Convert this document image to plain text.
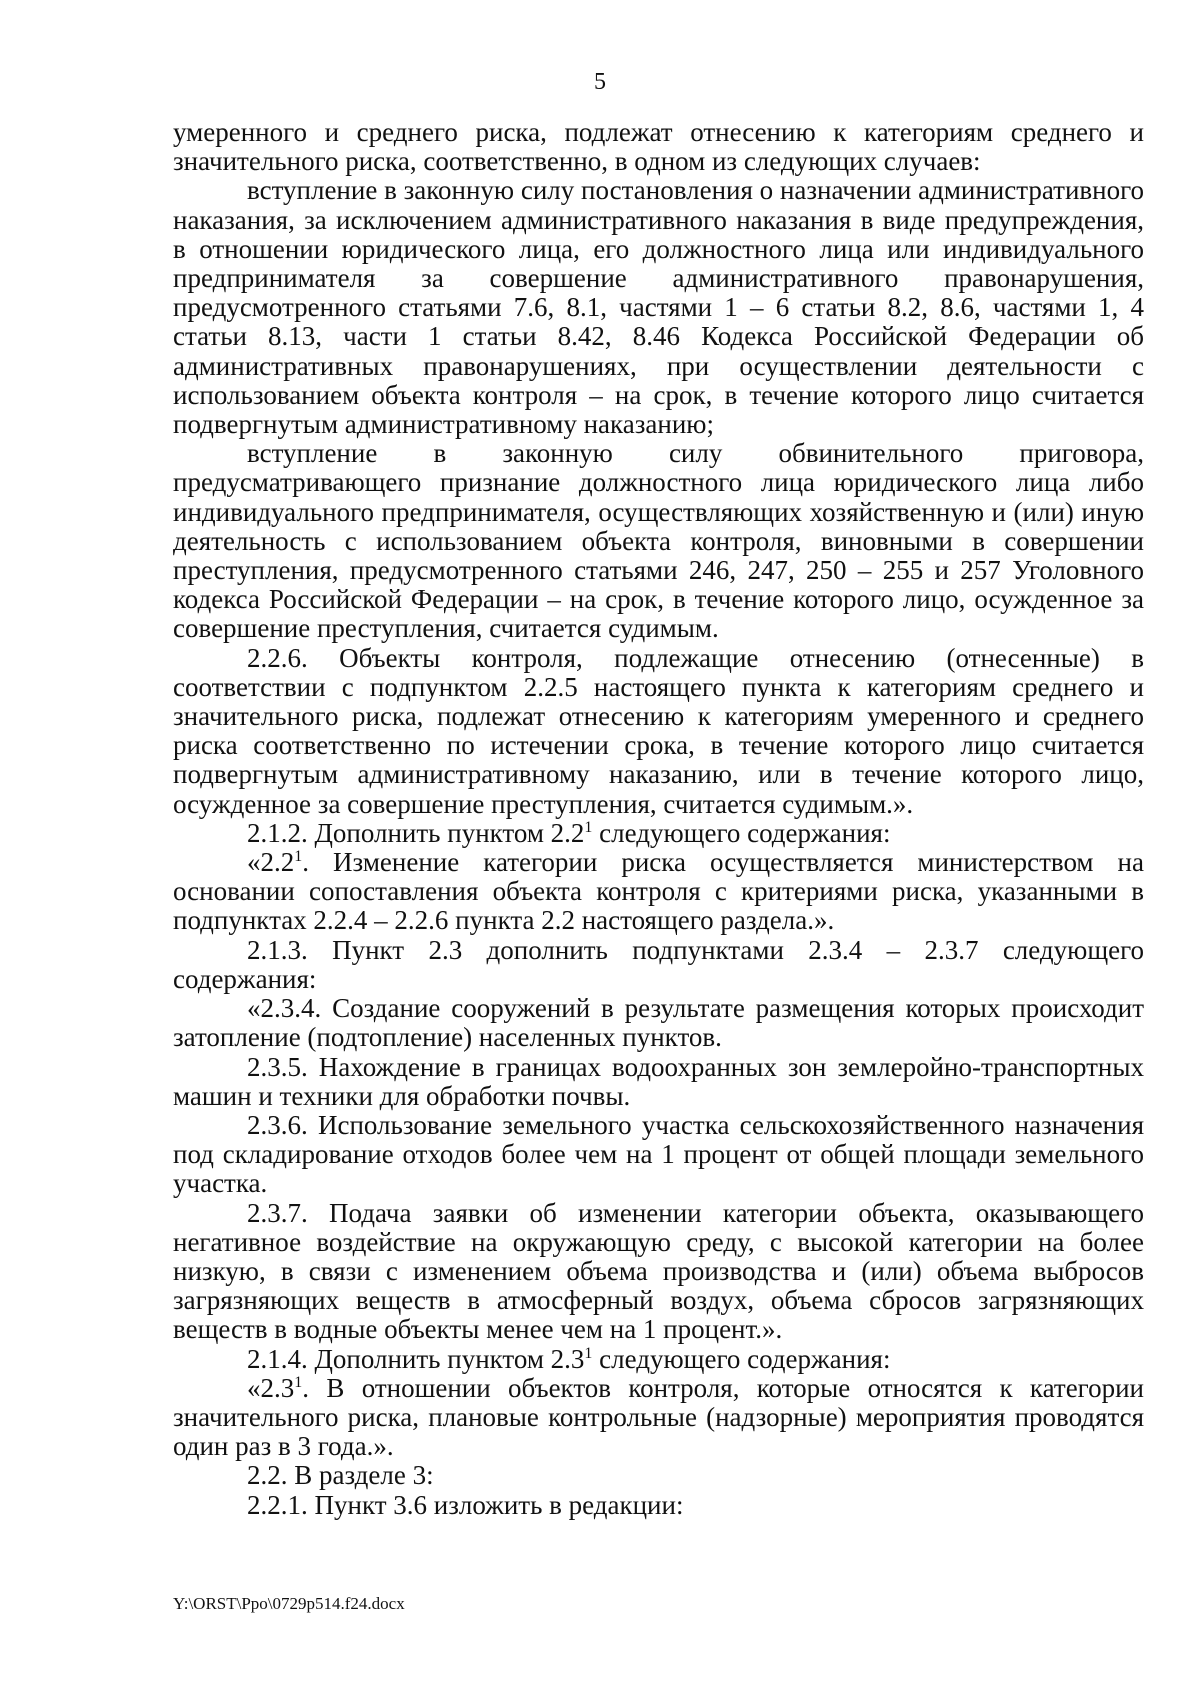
5

умеренного и среднего риска, подлежат отнесению к категориям среднего и значительного риска, соответственно, в одном из следующих случаев:

вступление в законную силу постановления о назначении административного наказания, за исключением административного наказания в виде предупреждения, в отношении юридического лица, его должностного лица или индивидуального предпринимателя за совершение административного правонарушения, предусмотренного статьями 7.6, 8.1, частями 1 – 6 статьи 8.2, 8.6, частями 1, 4 статьи 8.13, части 1 статьи 8.42, 8.46 Кодекса Российской Федерации об административных правонарушениях, при осуществлении деятельности с использованием объекта контроля – на срок, в течение которого лицо считается подвергнутым административному наказанию;

вступление в законную силу обвинительного приговора, предусматривающего признание должностного лица юридического лица либо индивидуального предпринимателя, осуществляющих хозяйственную и (или) иную деятельность с использованием объекта контроля, виновными в совершении преступления, предусмотренного статьями 246, 247, 250 – 255 и 257 Уголовного кодекса Российской Федерации – на срок, в течение которого лицо, осужденное за совершение преступления, считается судимым.

2.2.6. Объекты контроля, подлежащие отнесению (отнесенные) в соответствии с подпунктом 2.2.5 настоящего пункта к категориям среднего и значительного риска, подлежат отнесению к категориям умеренного и среднего риска соответственно по истечении срока, в течение которого лицо считается подвергнутым административному наказанию, или в течение которого лицо, осужденное за совершение преступления, считается судимым.».

2.1.2. Дополнить пунктом $2.2^1$ следующего содержания:

«$2.2^1$. Изменение категории риска осуществляется министерством на основании сопоставления объекта контроля с критериями риска, указанными в подпунктах 2.2.4 – 2.2.6 пункта 2.2 настоящего раздела.».

2.1.3. Пункт 2.3 дополнить подпунктами 2.3.4 – 2.3.7 следующего содержания:

«2.3.4. Создание сооружений в результате размещения которых происходит затопление (подтопление) населенных пунктов.

2.3.5. Нахождение в границах водоохранных зон землеройно-транспортных машин и техники для обработки почвы.

2.3.6. Использование земельного участка сельскохозяйственного назначения под складирование отходов более чем на 1 процент от общей площади земельного участка.

2.3.7. Подача заявки об изменении категории объекта, оказывающего негативное воздействие на окружающую среду, с высокой категории на более низкую, в связи с изменением объема производства и (или) объема выбросов загрязняющих веществ в атмосферный воздух, объема сбросов загрязняющих веществ в водные объекты менее чем на 1 процент.».

2.1.4. Дополнить пунктом $2.3^1$ следующего содержания:

«$2.3^1$. В отношении объектов контроля, которые относятся к категории значительного риска, плановые контрольные (надзорные) мероприятия проводятся один раз в 3 года.».

2.2. В разделе 3:

2.2.1. Пункт 3.6 изложить в редакции:

Y:\ORST\Ppo\0729p514.f24.docx
